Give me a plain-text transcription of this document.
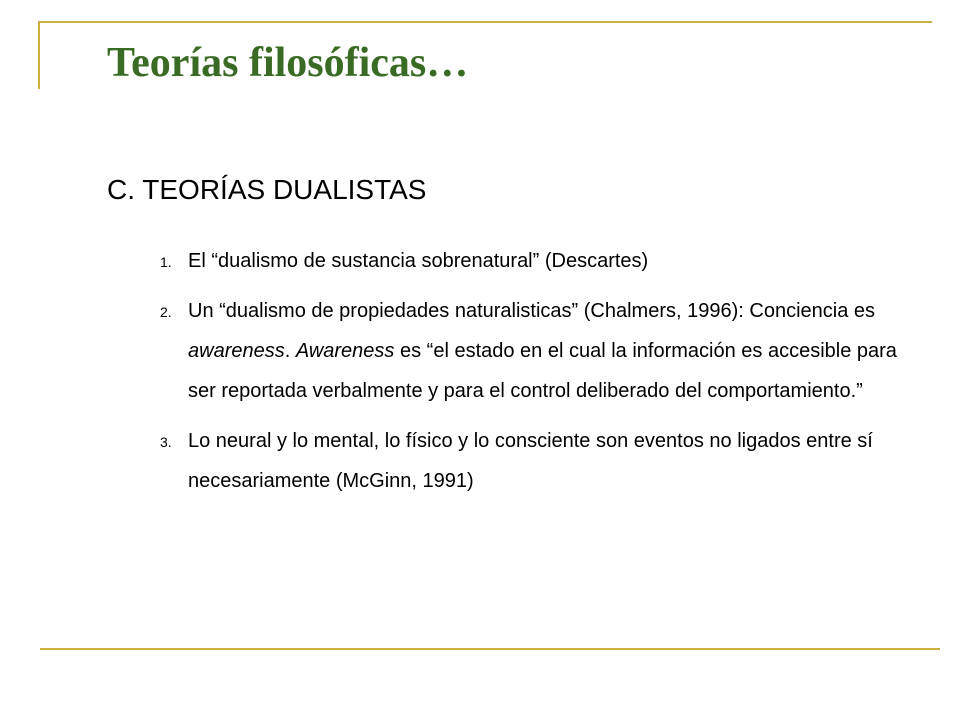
Teorías filosóficas…
C. TEORÍAS DUALISTAS
1. El “dualismo de sustancia sobrenatural” (Descartes)
2. Un “dualismo de propiedades naturalisticas” (Chalmers, 1996): Conciencia es awareness. Awareness es “el estado en el cual la información es accesible para ser reportada verbalmente y para el control deliberado del comportamiento.”
3. Lo neural y lo mental, lo físico y lo consciente son eventos no ligados entre sí necesariamente (McGinn, 1991)
